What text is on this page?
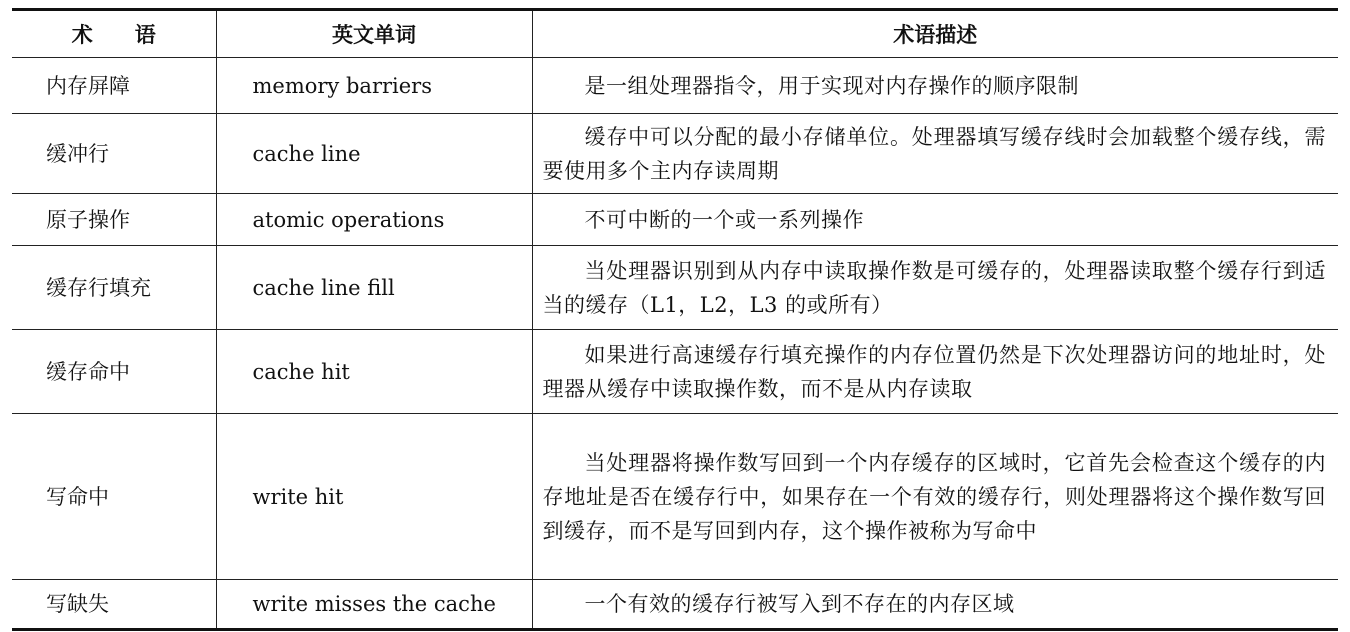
术　　语	英文单词	术语描述
内存屏障	memory barriers	是一组处理器指令，用于实现对内存操作的顺序限制
缓冲行	cache line	缓存中可以分配的最小存储单位。处理器填写缓存线时会加载整个缓存线，需要使用多个主内存读周期
原子操作	atomic operations	不可中断的一个或一系列操作
缓存行填充	cache line fill	当处理器识别到从内存中读取操作数是可缓存的，处理器读取整个缓存行到适当的缓存（L1，L2，L3 的或所有）
缓存命中	cache hit	如果进行高速缓存行填充操作的内存位置仍然是下次处理器访问的地址时，处理器从缓存中读取操作数，而不是从内存读取
写命中	write hit	当处理器将操作数写回到一个内存缓存的区域时，它首先会检查这个缓存的内存地址是否在缓存行中，如果存在一个有效的缓存行，则处理器将这个操作数写回到缓存，而不是写回到内存，这个操作被称为写命中
写缺失	write misses the cache	一个有效的缓存行被写入到不存在的内存区域
